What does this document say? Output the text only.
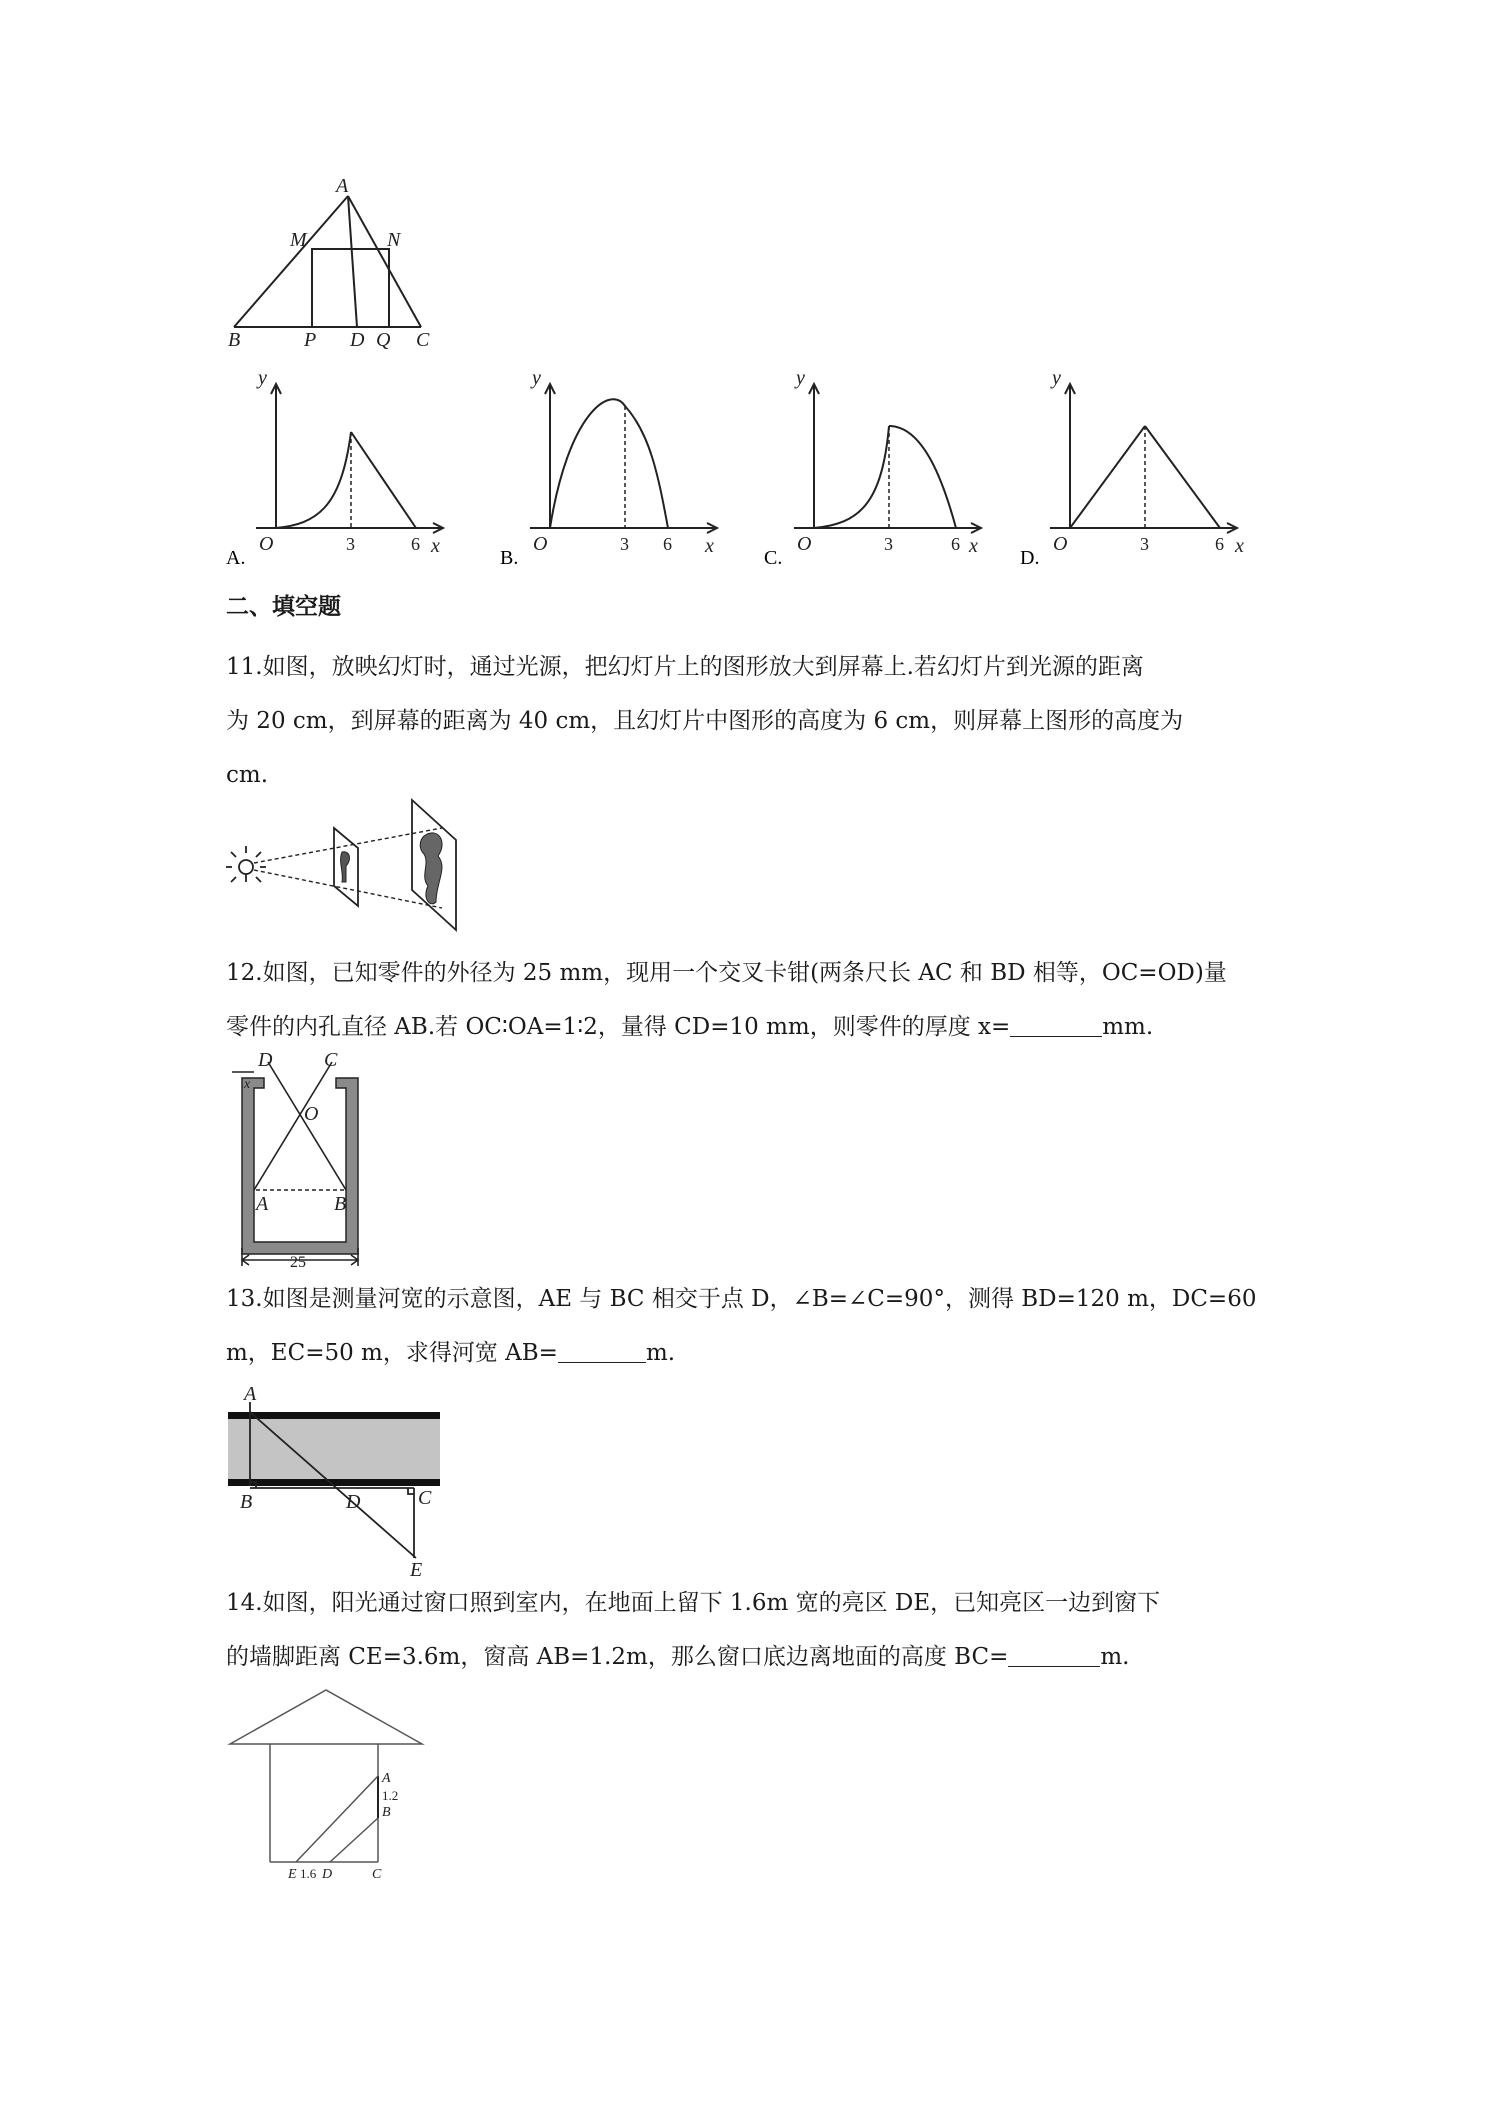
A
M	N
B	P D Q C
y
x
O	3	6
A.
y
x
O	3 6
B.
y
x
O	3	6
C.
y
x
O	3	6
D.
二、填空题
11.如图，放映幻灯时，通过光源，把幻灯片上的图形放大到屏幕上.若幻灯片到光源的距离
为 20 cm，到屏幕的距离为 40 cm，且幻灯片中图形的高度为 6 cm，则屏幕上图形的高度为
cm.
12.如图，已知零件的外径为 25 mm，现用一个交叉卡钳(两条尺长 AC 和 BD 相等，OC=OD)量
零件的内孔直径 AB.若 OC∶OA=1∶2，量得 CD=10 mm，则零件的厚度 x=	mm.
D	C
O
x
A	B
25
13.如图是测量河宽的示意图，AE 与 BC 相交于点 D，∠B=∠C=90°，测得 BD=120 m，DC=60
m，EC=50 m，求得河宽 AB=	m.
A
B	D	C
E
14.如图，阳光通过窗口照到室内，在地面上留下 1.6m 宽的亮区 DE，已知亮区一边到窗下
的墙脚距离 CE=3.6m，窗高 AB=1.2m，那么窗口底边离地面的高度 BC=	m.
A
1.2
B
E 1.6 D	C
